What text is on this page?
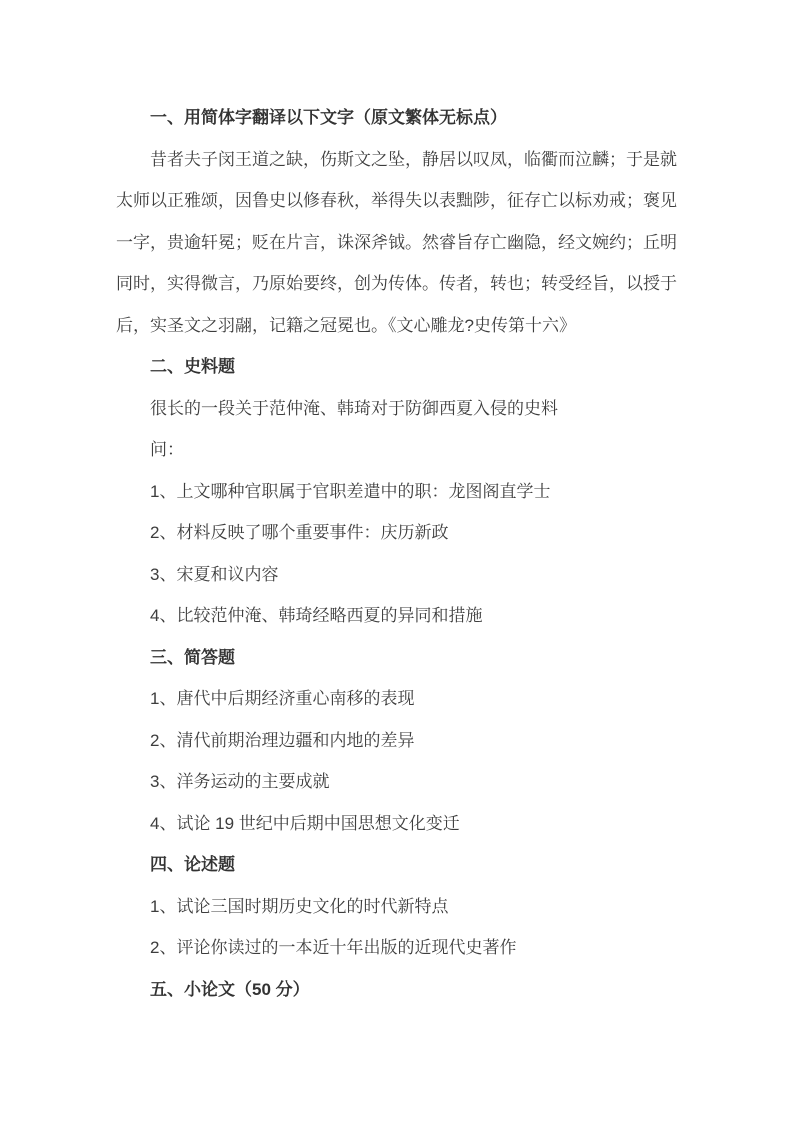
一、用简体字翻译以下文字（原文繁体无标点）

昔者夫子闵王道之缺，伤斯文之坠，静居以叹凤，临衢而泣麟；于是就太师以正雅颂，因鲁史以修春秋，举得失以表黜陟，征存亡以标劝戒；褒见一字，贵逾轩冕；贬在片言，诛深斧钺。然睿旨存亡幽隐，经文婉约；丘明同时，实得微言，乃原始要终，创为传体。传者，转也；转受经旨，以授于后，实圣文之羽翮，记籍之冠冕也。《文心雕龙?史传第十六》

二、史料题

很长的一段关于范仲淹、韩琦对于防御西夏入侵的史料

问：

1、上文哪种官职属于官职差遣中的职：龙图阁直学士

2、材料反映了哪个重要事件：庆历新政

3、宋夏和议内容

4、比较范仲淹、韩琦经略西夏的异同和措施

三、简答题

1、唐代中后期经济重心南移的表现

2、清代前期治理边疆和内地的差异

3、洋务运动的主要成就

4、试论 19 世纪中后期中国思想文化变迁

四、论述题

1、试论三国时期历史文化的时代新特点

2、评论你读过的一本近十年出版的近现代史著作

五、小论文（50 分）
